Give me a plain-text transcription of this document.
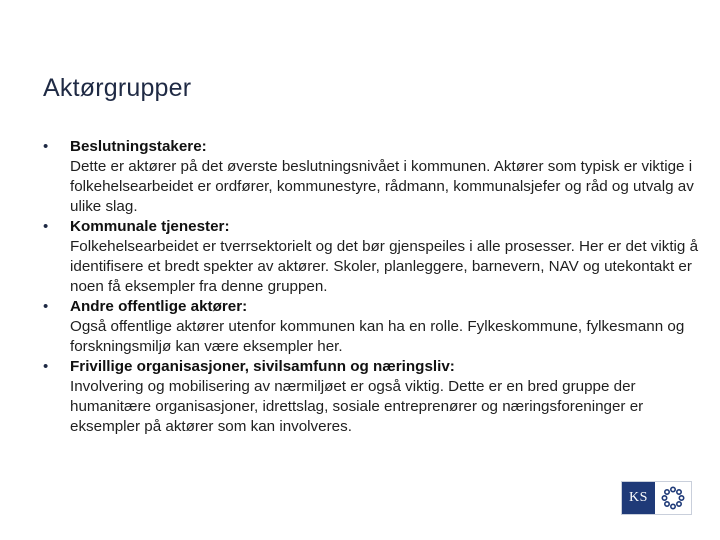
Aktørgrupper
• Beslutningstakere:
Dette er aktører på det øverste beslutningsnivået i kommunen. Aktører som typisk er viktige i folkehelsearbeidet er ordfører, kommunestyre, rådmann, kommunalsjefer og råd og utvalg av ulike slag.
• Kommunale tjenester:
Folkehelsearbeidet er tverrsektorielt og det bør gjenspeiles i alle prosesser. Her er det viktig å identifisere et bredt spekter av aktører. Skoler, planleggere, barnevern, NAV og utekontakt er noen få eksempler fra denne gruppen.
• Andre offentlige aktører:
Også offentlige aktører utenfor kommunen kan ha en rolle. Fylkeskommune, fylkesmann og forskningsmiljø kan være eksempler her.
• Frivillige organisasjoner, sivilsamfunn og næringsliv:
Involvering og mobilisering av nærmiljøet er også viktig. Dette er en bred gruppe der humanitære organisasjoner, idrettslag, sosiale entreprenører og næringsforeninger er eksempler på aktører som kan involveres.
KS
